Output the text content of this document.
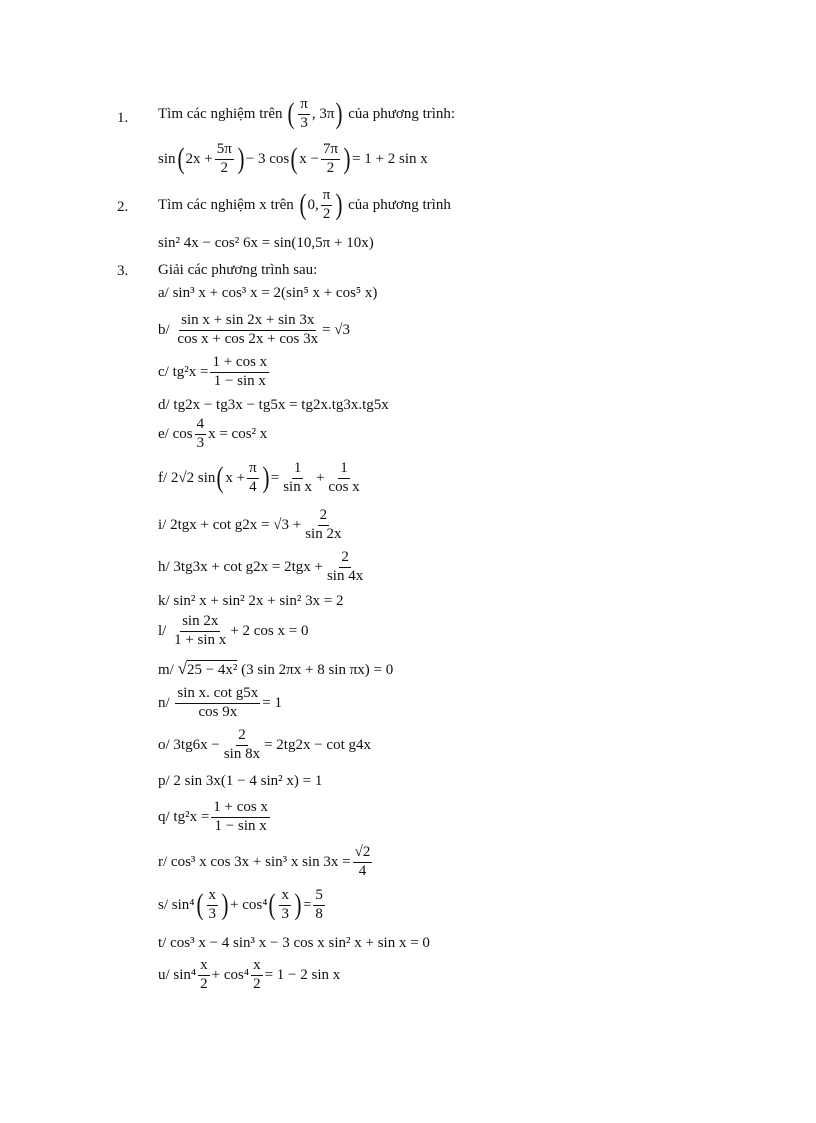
1. Tìm các nghiệm trên
( $\frac{\pi}{3}$ , 3π )
của phương trình:
sin ( $2x + \frac{5\pi}{2}$ ) − 3 cos ( $x - \frac{7\pi}{2}$ ) = 1 + 2 sin x
2. Tìm các nghiệm x trên
( 0, $\frac{\pi}{2}$ )
của phương trình
sin² 4x − cos² 6x = sin(10,5π + 10x)
3. Giải các phương trình sau:
a/ sin³ x + cos³ x = 2(sin⁵ x + cos⁵ x)
b/
$\frac{\text{sin x + sin 2x + sin 3x}}{\text{cos x + cos 2x + cos 3x}} = √3$
c/
$tg^2x = \frac{\text{1 + cos x}}{\text{1 − sin x}}$
d/ tg2x − tg3x − tg5x = tg2x.tg3x.tg5x
e/
$\cos \frac{4}{3}$ x = cos² x
f/
2√2 sin ( $x + \frac{\pi}{4}$ ) = $\frac{1}{\text{sin x}} + \frac{1}{\text{cos x}}$
i/
$2tgx + \cot g2x = √3 + \frac{2}{\sin 2x}$
h/
$3tg3x + \cot g2x = 2tgx + \frac{2}{\sin 4x}$
k/ sin² x + sin² 2x + sin² 3x = 2
l/
$\frac{\sin 2x}{\text{1 + sin x}} + 2$ cos x = 0
m/ √25 − 4x² (3 sin 2πx + 8 sin πx) = 0
n/
$\frac{\text{sin x. cot g5x}}{\cos 9x} = 1$
o/
$3tg6x - \frac{2}{\sin 8x} = 2tg2x - \cot g4x$
p/ 2 sin 3x(1 − 4 sin² x) = 1
q/
$tg^2x = \frac{\text{1 + cos x}}{\text{1 − sin x}}$
r/
cos³ x cos 3x + sin³ x $\sin 3x = \frac{√2}{4}$
s/
sin⁴ ( $\frac{x}{3}$ ) + cos⁴ ( $\frac{x}{3}$ ) = $\frac{5}{8}$
t/ cos³ x − 4 sin³ x − 3 cos x sin² x + sin x = 0
u/
$\sin^4 \frac{x}{2} + \cos^4 \frac{x}{2} = 1 - 2$ sin x
